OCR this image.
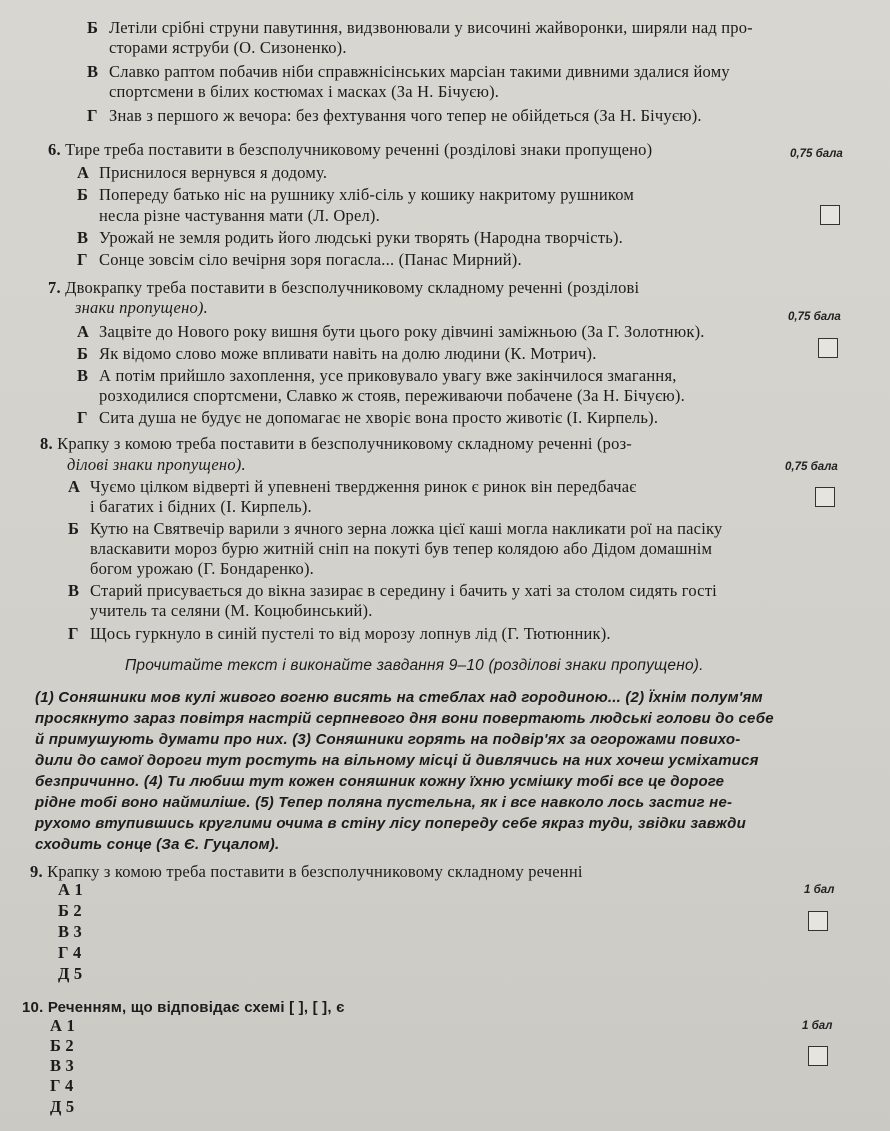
Б Летіли срібні струни павутиння, видзвонювали у височині жайворонки, ширяли над про-
сторами яструби (О. Сизоненко).
В Славко раптом побачив ніби справжнісінських марсіан такими дивними здалися йому
спортсмени в білих костюмах і масках (За Н. Бічуєю).
Г Знав з першого ж вечора: без фехтування чого тепер не обійдеться (За Н. Бічуєю).
6. Тире треба поставити в безсполучниковому реченні (розділові знаки пропущено)	0,75 бала
А Приснилося вернувся я додому.
Б Попереду батько ніс на рушнику хліб-сіль у кошику накритому рушником
несла різне частування мати (Л. Орел).
В Урожай не земля родить його людські руки творять (Народна творчість).
Г Сонце зовсім сіло вечірня зоря погасла... (Панас Мирний).
7. Двокрапку треба поставити в безсполучниковому складному реченні (розділові
знаки пропущено).	0,75 бала
А Зацвіте до Нового року вишня бути цього року дівчині заміжньою (За Г. Золотнюк).
Б Як відомо слово може впливати навіть на долю людини (К. Мотрич).
В А потім прийшло захоплення, усе приковувало увагу вже закінчилося змагання,
розходилися спортсмени, Славко ж стояв, переживаючи побачене (За Н. Бічуєю).
Г Сита душа не будує не допомагає не хворіє вона просто животіє (І. Кирпель).
8. Крапку з комою треба поставити в безсполучниковому складному реченні (роз-
ділові знаки пропущено).	0,75 бала
А Чуємо цілком відверті й упевнені твердження ринок є ринок він передбачає
і багатих і бідних (І. Кирпель).
Б Кутю на Святвечір варили з ячного зерна ложка цієї каші могла накликати рої на пасіку
власкавити мороз бурю житній сніп на покуті був тепер колядою або Дідом домашнім
богом урожаю (Г. Бондаренко).
В Старий присувається до вікна зазирає в середину і бачить у хаті за столом сидять гості
учитель та селяни (М. Коцюбинський).
Г Щось гуркнуло в синій пустелі то від морозу лопнув лід (Г. Тютюнник).
Прочитайте текст і виконайте завдання 9–10 (розділові знаки пропущено).
(1) Соняшники мов кулі живого вогню висять на стеблах над городиною... (2) Їхнім полум'ям
просякнуто зараз повітря настрій серпневого дня вони повертають людські голови до себе
й примушують думати про них. (3) Соняшники горять на подвір'ях за огорожами повихо-
дили до самої дороги тут ростуть на вільному місці й дивлячись на них хочеш усміхатися
безпричинно. (4) Ти любиш тут кожен соняшник кожну їхню усмішку тобі все це дороге
рідне тобі воно наймиліше. (5) Тепер поляна пустельна, як і все навколо лось застиг не-
рухомо втупившись круглими очима в стіну лісу попереду себе якраз туди, звідки завжди
сходить сонце (За Є. Гуцалом).
9. Крапку з комою треба поставити в безсполучниковому складному реченні
1 бал
А 1
Б 2
В 3
Г 4
Д 5
10. Реченням, що відповідає схемі [ ], [ ], є
1 бал
А 1
Б 2
В 3
Г 4
Д 5
